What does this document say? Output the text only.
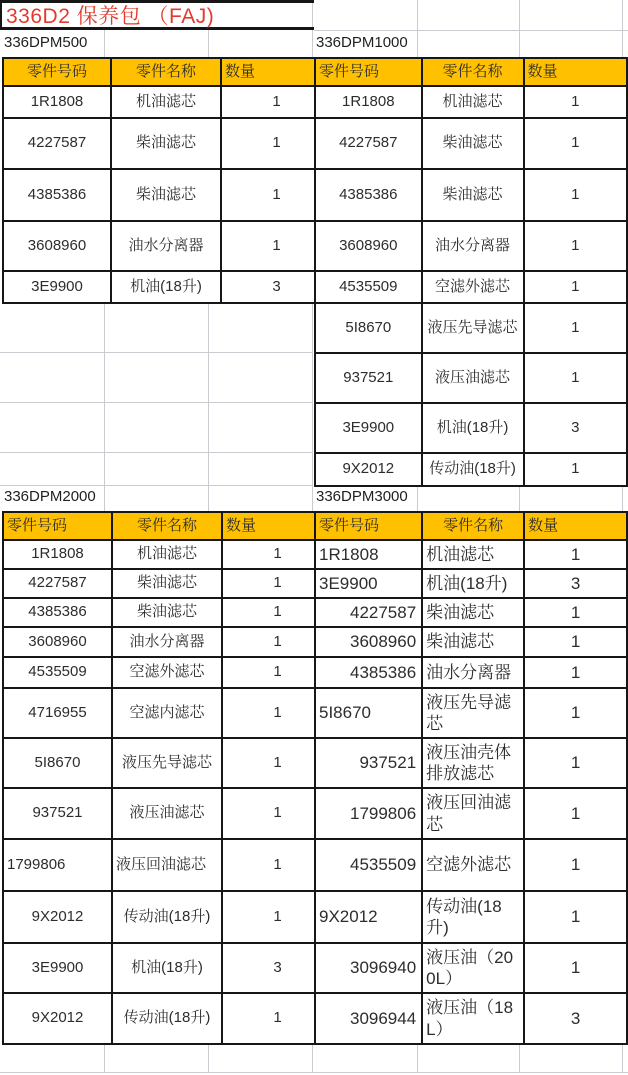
336D2 保养包 （FAJ)
336DPM500	336DPM1000
336DPM2000	336DPM3000
零件号码	零件名称	数量
1R1808	机油滤芯	1
4227587	柴油滤芯	1
4385386	柴油滤芯	1
3608960	油水分离器	1
3E9900	机油(18升)	3
零件号码	零件名称	数量
1R1808	机油滤芯	1
4227587	柴油滤芯	1
4385386	柴油滤芯	1
3608960	油水分离器	1
4535509	空滤外滤芯	1
5I8670	液压先导滤芯	1
937521	液压油滤芯	1
3E9900	机油(18升)	3
9X2012	传动油(18升)	1
零件号码	零件名称	数量
1R1808	机油滤芯	1
4227587	柴油滤芯	1
4385386	柴油滤芯	1
3608960	油水分离器	1
4535509	空滤外滤芯	1
4716955	空滤内滤芯	1
5I8670	液压先导滤芯	1
937521	液压油滤芯	1
1799806	液压回油滤芯	1
9X2012	传动油(18升)	1
3E9900	机油(18升)	3
9X2012	传动油(18升)	1
零件号码	零件名称	数量
1R1808	机油滤芯	1
3E9900	机油(18升)	3
4227587	柴油滤芯	1
3608960	柴油滤芯	1
4385386	油水分离器	1
5I8670	液压先导滤芯	1
937521	液压油壳体排放滤芯	1
1799806	液压回油滤芯	1
4535509	空滤外滤芯	1
9X2012	传动油(18升)	1
3096940	液压油（200L）	1
3096944	液压油（18L）	3
